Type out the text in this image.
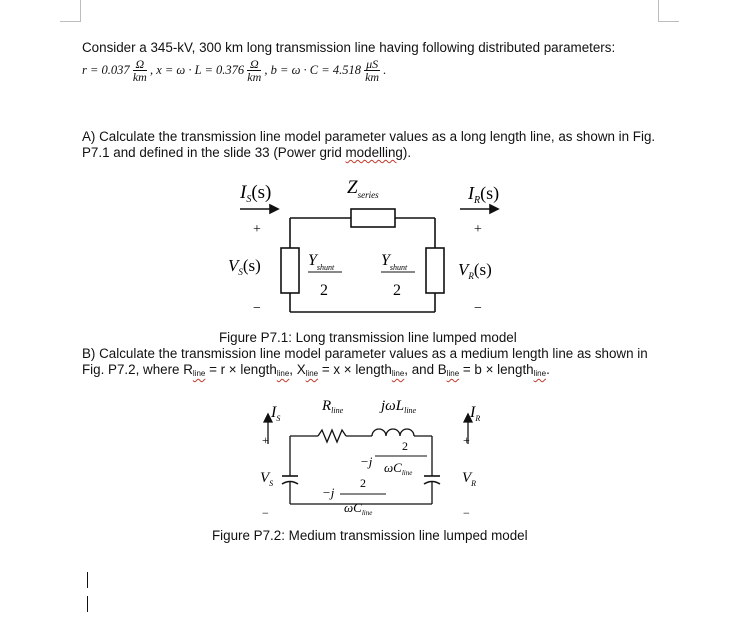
Consider a 345-kV, 300 km long transmission line having following distributed parameters:
$r = 0.037 \frac{\Omega}{km}$ , $x = \omega \cdot L = 0.376 \frac{\Omega}{km}$ , $b = \omega \cdot C = 4.518 \frac{\mu S}{km}$ .
A) Calculate the transmission line model parameter values as a long length line, as shown in Fig.
P7.1 and defined in the slide 33 (Power grid modelling).
$I_S(s)$	$Z_{series}$	$I_R(s)$
+	+
−	−
$V_S(s)$	$V_R(s)$
$Y_{shunt}$
2
$Y_{shunt}$
2
Figure P7.1: Long transmission line lumped model
B) Calculate the transmission line model parameter values as a medium length line as shown in
Fig. P7.2, where $R_{line} = r$ × length$_{line}$, $X_{line} = x$ × length$_{line}$, and $B_{line} = b$ × length$_{line}$.
$I_S$
$R_{line}$	jωL$_{line}$	$I_R$
+	+
−	−
$V_S$	$V_R$
−j
2
$\omega C_{line}$
−j
2
$\omega C_{line}$
Figure P7.2: Medium transmission line lumped model
